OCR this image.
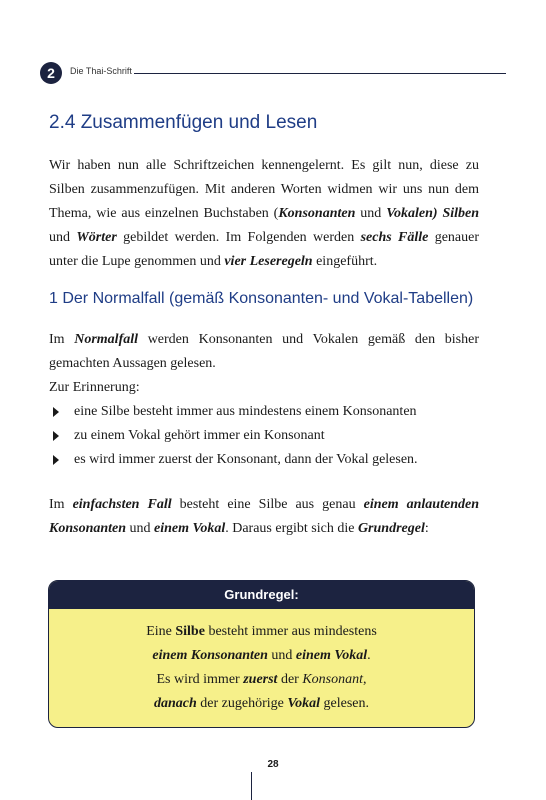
2	Die Thai-Schrift
2.4 Zusammenfügen und Lesen
Wir haben nun alle Schriftzeichen kennengelernt. Es gilt nun, diese zu Silben zusammenzufügen. Mit anderen Worten widmen wir uns nun dem Thema, wie aus einzelnen Buchstaben (Konsonanten und Vokalen) Silben und Wörter gebildet werden. Im Folgenden werden sechs Fälle genauer unter die Lupe genommen und vier Leseregeln eingeführt.
1 Der Normalfall (gemäß Konsonanten- und Vokal-Tabellen)
Im Normalfall werden Konsonanten und Vokalen gemäß den bisher gemachten Aussagen gelesen.
Zur Erinnerung:
eine Silbe besteht immer aus mindestens einem Konsonanten
zu einem Vokal gehört immer ein Konsonant
es wird immer zuerst der Konsonant, dann der Vokal gelesen.
Im einfachsten Fall besteht eine Silbe aus genau einem anlautenden Konsonanten und einem Vokal. Daraus ergibt sich die Grundregel:
Grundregel:
Eine Silbe besteht immer aus mindestens
einem Konsonanten und einem Vokal.
Es wird immer zuerst der Konsonant,
danach der zugehörige Vokal gelesen.
28
